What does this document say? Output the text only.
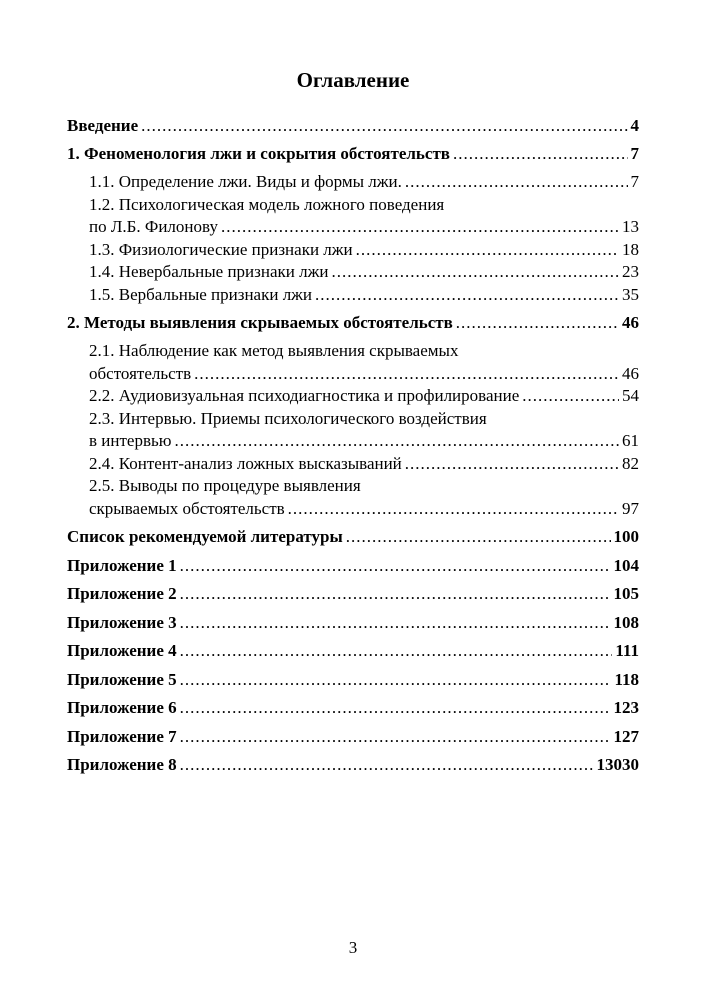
Оглавление
Введение .....	4
1. Феноменология лжи и сокрытия обстоятельств .....	7
1.1. Определение лжи. Виды и формы лжи. .....	7
1.2. Психологическая модель ложного поведения
по Л.Б. Филонову .....	13
1.3. Физиологические признаки лжи .....	18
1.4. Невербальные признаки лжи .....	23
1.5. Вербальные признаки лжи .....	35
2. Методы выявления скрываемых обстоятельств .....	46
2.1. Наблюдение как метод выявления скрываемых
обстоятельств .....	46
2.2. Аудиовизуальная психодиагностика и профилирование .....	54
2.3. Интервью. Приемы психологического воздействия
в интервью .....	61
2.4. Контент-анализ ложных высказываний .....	82
2.5. Выводы по процедуре выявления
скрываемых обстоятельств .....	97
Список рекомендуемой литературы .....	100
Приложение 1 .....	104
Приложение 2 .....	105
Приложение 3 .....	108
Приложение 4 .....	111
Приложение 5 .....	118
Приложение 6 .....	123
Приложение 7 .....	127
Приложение 8 .....	13030
3
